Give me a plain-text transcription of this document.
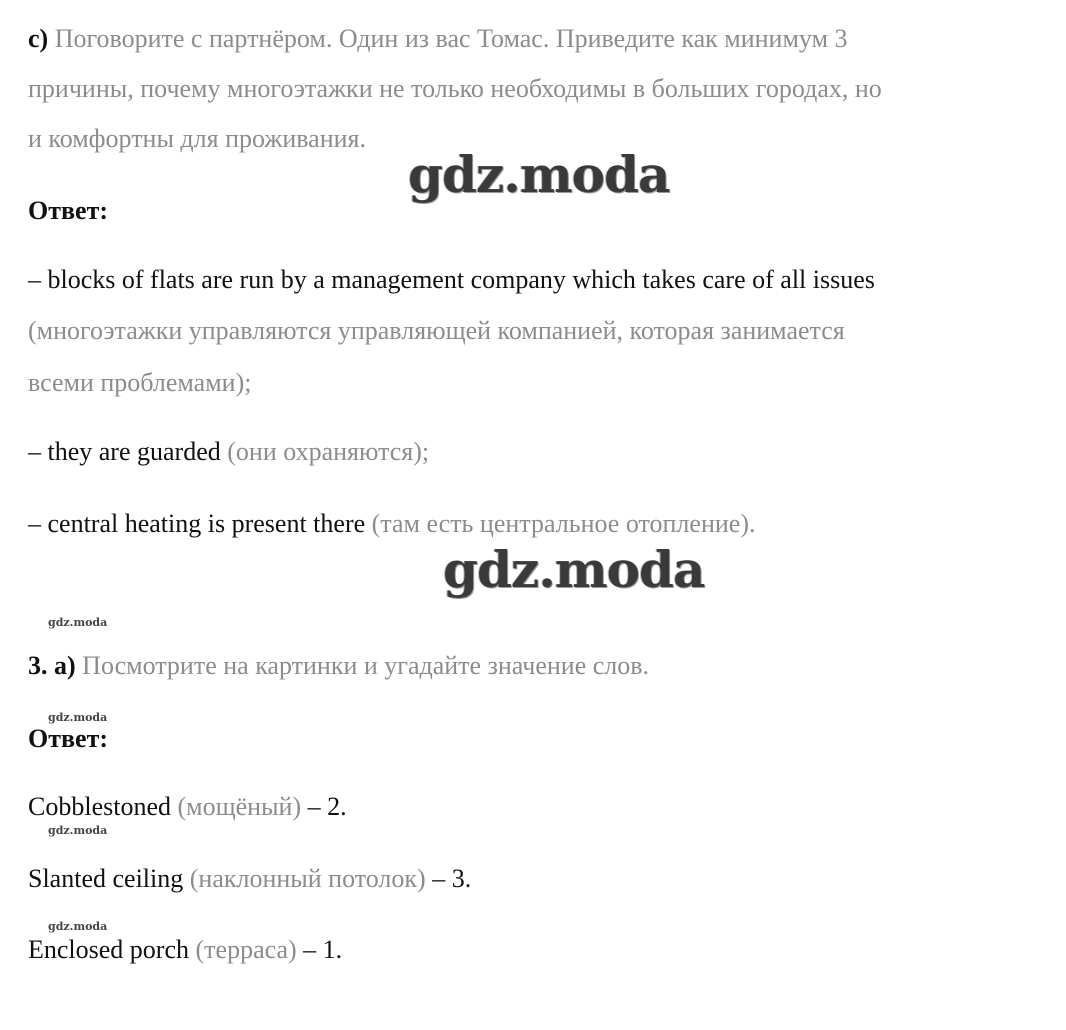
c) Поговорите с партнёром. Один из вас Томас. Приведите как минимум 3
причины, почему многоэтажки не только необходимы в больших городах, но
и комфортны для проживания.
gdz.moda
Ответ:
– blocks of flats are run by a management company which takes care of all issues
(многоэтажки управляются управляющей компанией, которая занимается
всеми проблемами);
– they are guarded (они охраняются);
– central heating is present there (там есть центральное отопление).
gdz.moda
gdz.moda
3. а) Посмотрите на картинки и угадайте значение слов.
gdz.moda
Ответ:
Cobblestoned (мощёный) – 2.
gdz.moda
Slanted ceiling (наклонный потолок) – 3.
gdz.moda
Enclosed porch (терраса) – 1.
